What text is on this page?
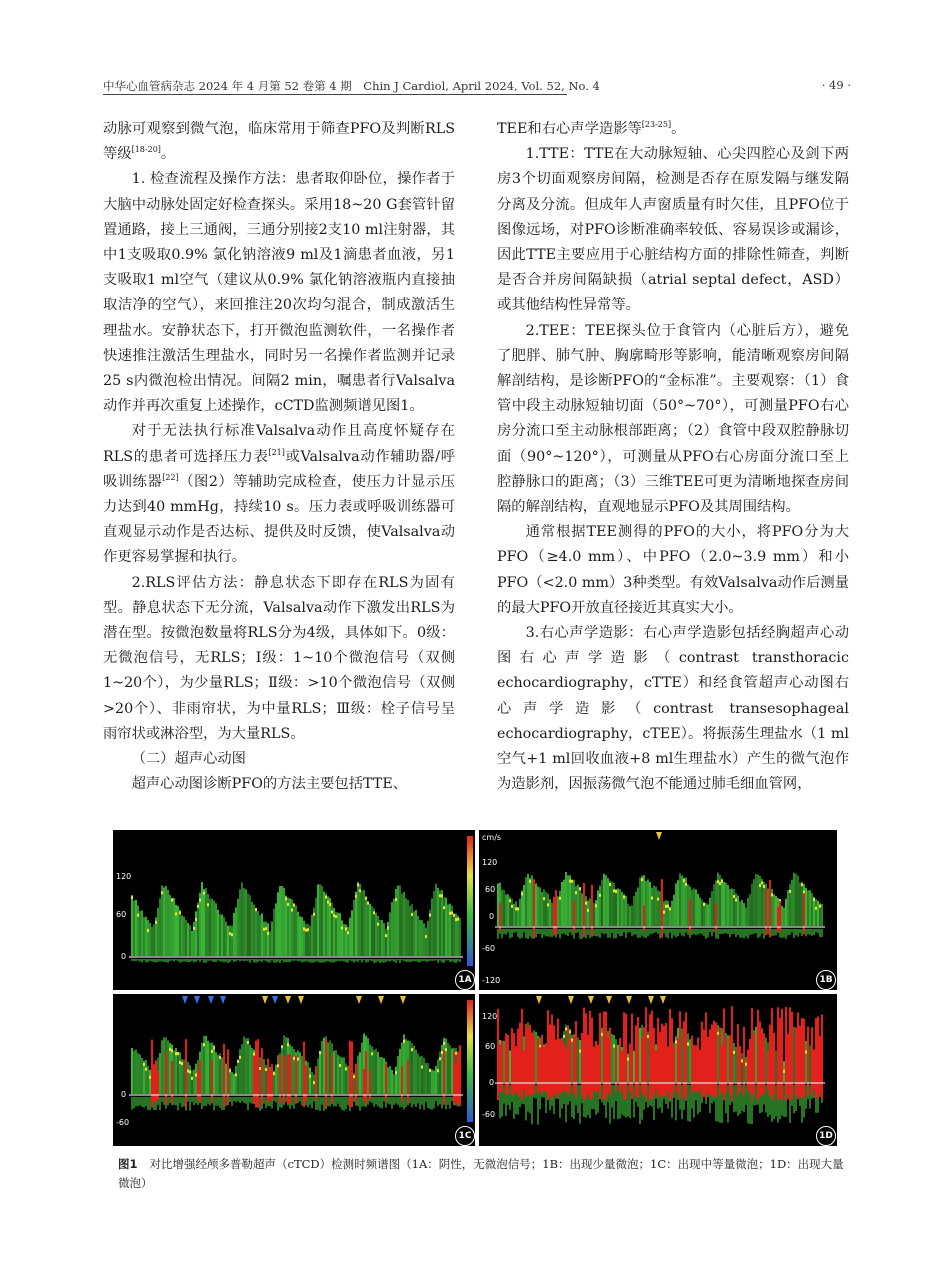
中华心血管病杂志 2024 年 4 月第 52 卷第 4 期　Chin J Cardiol, April 2024, Vol. 52, No. 4	· 49 ·

动脉可观察到微气泡，临床常用于筛查PFO及判断RLS等级[18-20]。

1. 检查流程及操作方法：患者取仰卧位，操作者于大脑中动脉处固定好检查探头。采用18~20 G套管针留置通路，接上三通阀，三通分别接2支10 ml注射器，其中1支吸取0.9% 氯化钠溶液9 ml及1滴患者血液，另1支吸取1 ml空气（建议从0.9% 氯化钠溶液瓶内直接抽取洁净的空气），来回推注20次均匀混合，制成激活生理盐水。安静状态下，打开微泡监测软件，一名操作者快速推注激活生理盐水，同时另一名操作者监测并记录25 s内微泡检出情况。间隔2 min，嘱患者行Valsalva动作并再次重复上述操作，cCTD监测频谱见图1。

对于无法执行标准Valsalva动作且高度怀疑存在RLS的患者可选择压力表[21]或Valsalva动作辅助器/呼吸训练器[22]（图2）等辅助完成检查，使压力计显示压力达到40 mmHg，持续10 s。压力表或呼吸训练器可直观显示动作是否达标、提供及时反馈，使Valsalva动作更容易掌握和执行。

2.RLS评估方法：静息状态下即存在RLS为固有型。静息状态下无分流，Valsalva动作下激发出RLS为潜在型。按微泡数量将RLS分为4级，具体如下。0级：无微泡信号，无RLS；Ⅰ级：1~10个微泡信号（双侧1~20个），为少量RLS；Ⅱ级：>10个微泡信号（双侧>20个）、非雨帘状，为中量RLS；Ⅲ级：栓子信号呈雨帘状或淋浴型，为大量RLS。

（二）超声心动图

超声心动图诊断PFO的方法主要包括TTE、

TEE和右心声学造影等[23-25]。

1.TTE：TTE在大动脉短轴、心尖四腔心及剑下两房3个切面观察房间隔，检测是否存在原发隔与继发隔分离及分流。但成年人声窗质量有时欠佳，且PFO位于图像远场，对PFO诊断准确率较低、容易误诊或漏诊，因此TTE主要应用于心脏结构方面的排除性筛查，判断是否合并房间隔缺损（atrial septal defect，ASD）或其他结构性异常等。

2.TEE：TEE探头位于食管内（心脏后方），避免了肥胖、肺气肿、胸廓畸形等影响，能清晰观察房间隔解剖结构，是诊断PFO的“金标准”。主要观察：（1）食管中段主动脉短轴切面（50°~70°），可测量PFO右心房分流口至主动脉根部距离；（2）食管中段双腔静脉切面（90°~120°），可测量从PFO右心房面分流口至上腔静脉口的距离；（3）三维TEE可更为清晰地探查房间隔的解剖结构，直观地显示PFO及其周围结构。

通常根据TEE测得的PFO的大小，将PFO分为大PFO（≥4.0 mm）、中PFO（2.0~3.9 mm）和小PFO（<2.0 mm）3种类型。有效Valsalva动作后测量的最大PFO开放直径接近其真实大小。

3.右心声学造影：右心声学造影包括经胸超声心动图右心声学造影（contrast transthoracic echocardiography，cTTE）和经食管超声心动图右心声学造影（contrast transesophageal echocardiography，cTEE）。将振荡生理盐水（1 ml空气+1 ml回收血液+8 ml生理盐水）产生的微气泡作为造影剂，因振荡微气泡不能通过肺毛细血管网，

120
60
0
1A
cm/s
120
60
0
-60
-120	1B
0
-60
1C
120
60
0
-60
1D
图1 对比增强经颅多普勒超声（cTCD）检测时频谱图（1A：阴性，无微泡信号；1B：出现少量微泡；1C：出现中等量微泡；1D：出现大量微泡）
